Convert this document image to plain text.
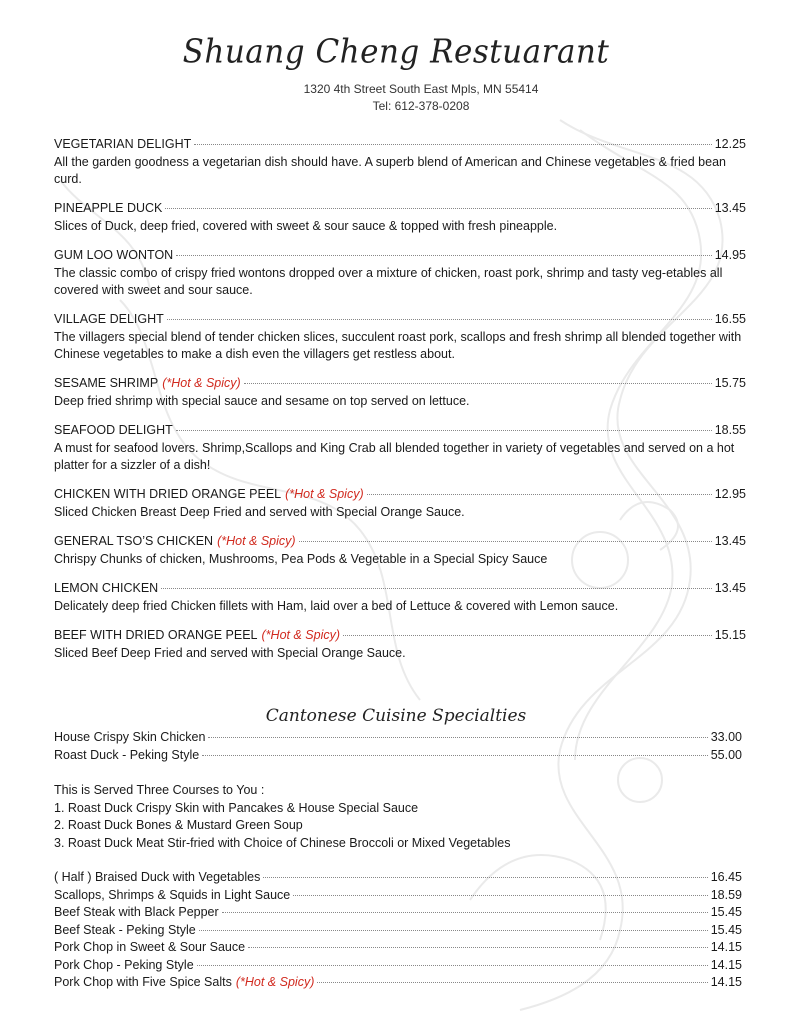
Shuang Cheng Restuarant
1320 4th Street South East Mpls, MN 55414
Tel: 612-378-0208
VEGETARIAN DELIGHT	12.25
All the garden goodness a vegetarian dish should have. A superb blend of American and Chinese vegetables & fried bean curd.
PINEAPPLE DUCK	13.45
Slices of Duck, deep fried, covered with sweet & sour sauce & topped with fresh pineapple.
GUM LOO WONTON	14.95
The classic combo of crispy fried wontons dropped over a mixture of chicken, roast pork, shrimp and tasty veg-etables all covered with sweet and sour sauce.
VILLAGE DELIGHT	16.55
The villagers special blend of tender chicken slices, succulent roast pork, scallops and fresh shrimp all blended together with Chinese vegetables to make a dish even the villagers get restless about.
SESAME SHRIMP (*Hot & Spicy)	15.75
Deep fried shrimp with special sauce and sesame on top served on lettuce.
SEAFOOD DELIGHT	18.55
A must for seafood lovers. Shrimp,Scallops and King Crab all blended together in variety of vegetables and served on a hot platter for a sizzler of a dish!
CHICKEN WITH DRIED ORANGE PEEL (*Hot & Spicy)	12.95
Sliced Chicken Breast Deep Fried and served with Special Orange Sauce.
GENERAL TSO’S CHICKEN (*Hot & Spicy)	13.45
Chrispy Chunks of chicken, Mushrooms, Pea Pods & Vegetable in a Special Spicy Sauce
LEMON CHICKEN	13.45
Delicately deep fried Chicken fillets with Ham, laid over a bed of Lettuce & covered with Lemon sauce.
BEEF WITH DRIED ORANGE PEEL (*Hot & Spicy)	15.15
Sliced Beef Deep Fried and served with Special Orange Sauce.
Cantonese Cuisine Specialties
House Crispy Skin Chicken	33.00
Roast Duck - Peking Style	55.00
This is Served Three Courses to You :
1. Roast Duck Crispy Skin with Pancakes & House Special Sauce
2. Roast Duck Bones & Mustard Green Soup
3. Roast Duck Meat Stir-fried with Choice of Chinese Broccoli or Mixed Vegetables
( Half ) Braised Duck with Vegetables	16.45
Scallops, Shrimps & Squids in Light Sauce	18.59
Beef Steak with Black Pepper	15.45
Beef Steak - Peking Style	15.45
Pork Chop in Sweet & Sour Sauce	14.15
Pork Chop - Peking Style	14.15
Pork Chop with Five Spice Salts (*Hot & Spicy)	14.15
